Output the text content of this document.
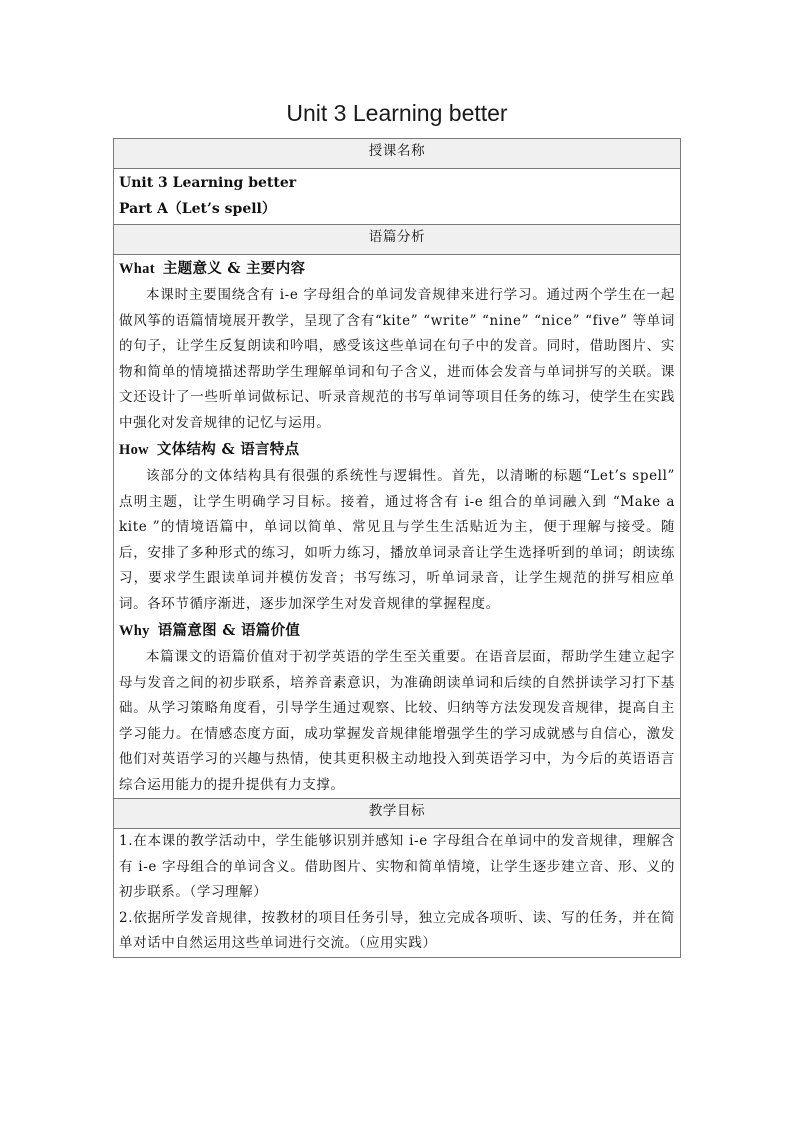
Unit 3 Learning better
授课名称

Unit 3 Learning better
Part A（Let’s spell）

语篇分析

What 主题意义 & 主要内容
本课时主要围绕含有 i-e 字母组合的单词发音规律来进行学习。通过两个学生在一起做风筝的语篇情境展开教学，呈现了含有“kite” “write” “nine” “nice” “five” 等单词的句子，让学生反复朗读和吟唱，感受该这些单词在句子中的发音。同时，借助图片、实物和简单的情境描述帮助学生理解单词和句子含义，进而体会发音与单词拼写的关联。课文还设计了一些听单词做标记、听录音规范的书写单词等项目任务的练习，使学生在实践中强化对发音规律的记忆与运用。
How 文体结构 & 语言特点
该部分的文体结构具有很强的系统性与逻辑性。首先，以清晰的标题“Let’s spell” 点明主题，让学生明确学习目标。接着，通过将含有 i-e 组合的单词融入到 “Make a kite ”的情境语篇中，单词以简单、常见且与学生生活贴近为主，便于理解与接受。随后，安排了多种形式的练习，如听力练习，播放单词录音让学生选择听到的单词；朗读练习，要求学生跟读单词并模仿发音；书写练习，听单词录音，让学生规范的拼写相应单词。各环节循序渐进，逐步加深学生对发音规律的掌握程度。
Why 语篇意图 & 语篇价值
本篇课文的语篇价值对于初学英语的学生至关重要。在语音层面，帮助学生建立起字母与发音之间的初步联系，培养音素意识，为准确朗读单词和后续的自然拼读学习打下基础。从学习策略角度看，引导学生通过观察、比较、归纳等方法发现发音规律，提高自主学习能力。在情感态度方面，成功掌握发音规律能增强学生的学习成就感与自信心，激发他们对英语学习的兴趣与热情，使其更积极主动地投入到英语学习中，为今后的英语语言综合运用能力的提升提供有力支撑。

教学目标

1.在本课的教学活动中，学生能够识别并感知 i-e 字母组合在单词中的发音规律，理解含有 i-e 字母组合的单词含义。借助图片、实物和简单情境，让学生逐步建立音、形、义的初步联系。（学习理解）
2.依据所学发音规律，按教材的项目任务引导，独立完成各项听、读、写的任务，并在简单对话中自然运用这些单词进行交流。（应用实践）
